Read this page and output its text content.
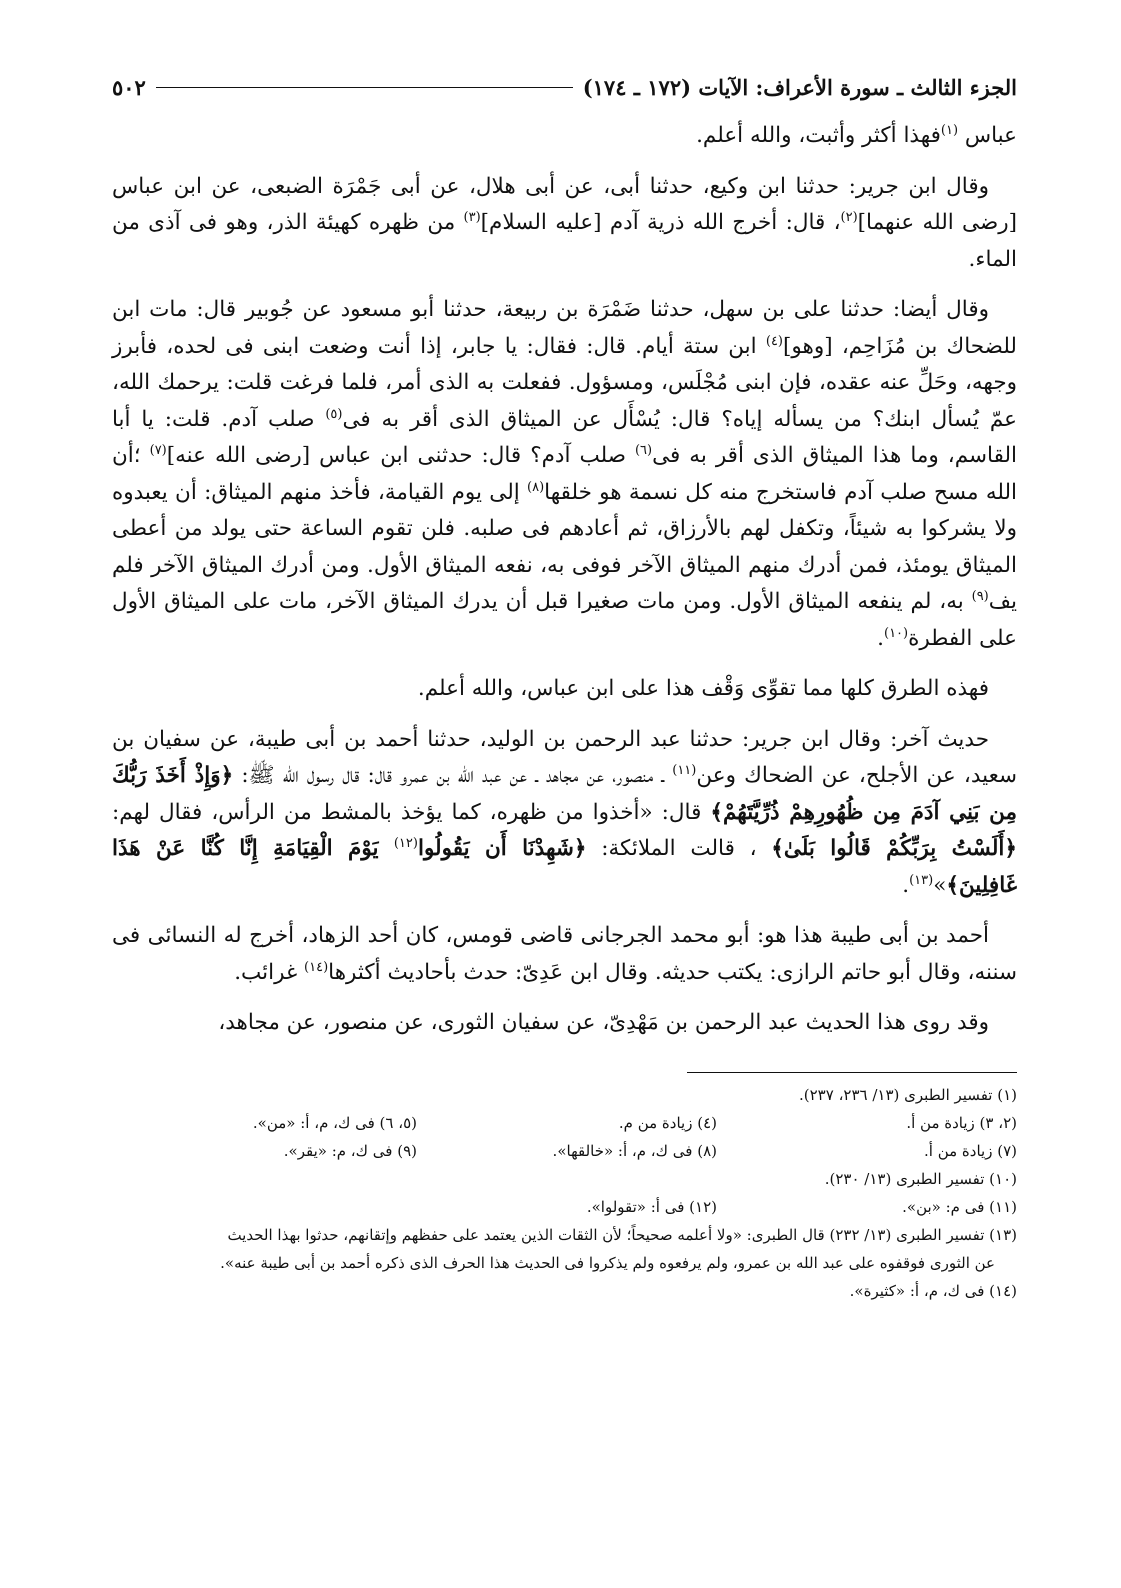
الجزء الثالث ـ سورة الأعراف: الآيات (١٧٢ ـ ١٧٤)
٥٠٢

عباس $^{(١)}$فهذا أكثر وأثبت، والله أعلم.

وقال ابن جرير: حدثنا ابن وكيع، حدثنا أبى، عن أبى هلال، عن أبى جَمْرَة الضبعى، عن ابن عباس [رضى الله عنهما]$^{(٢)}$، قال: أخرج الله ذرية آدم [عليه السلام]$^{(٣)}$ من ظهره كهيئة الذر، وهو فى آذى من الماء.

وقال أيضا: حدثنا على بن سهل، حدثنا ضَمْرَة بن ربيعة، حدثنا أبو مسعود عن جُوبير قال: مات ابن للضحاك بن مُزَاحِم، [وهو]$^{(٤)}$ ابن ستة أيام. قال: فقال: يا جابر، إذا أنت وضعت ابنى فى لحده، فأبرز وجهه، وحَلِّ عنه عقده، فإن ابنى مُجْلَس، ومسؤول. ففعلت به الذى أمر، فلما فرغت قلت: يرحمك الله، عمّ يُسأل ابنك؟ من يسأله إياه؟ قال: يُسْأَل عن الميثاق الذى أقر به فى$^{(٥)}$ صلب آدم. قلت: يا أبا القاسم، وما هذا الميثاق الذى أقر به فى$^{(٦)}$ صلب آدم؟ قال: حدثنى ابن عباس [رضى الله عنه]$^{(٧)}$ ؛أن الله مسح صلب آدم فاستخرج منه كل نسمة هو خلقها$^{(٨)}$ إلى يوم القيامة، فأخذ منهم الميثاق: أن يعبدوه ولا يشركوا به شيئاً، وتكفل لهم بالأرزاق، ثم أعادهم فى صلبه. فلن تقوم الساعة حتى يولد من أعطى الميثاق يومئذ، فمن أدرك منهم الميثاق الآخر فوفى به، نفعه الميثاق الأول. ومن أدرك الميثاق الآخر فلم يف$^{(٩)}$ به، لم ينفعه الميثاق الأول. ومن مات صغيرا قبل أن يدرك الميثاق الآخر، مات على الميثاق الأول على الفطرة$^{(١٠)}$.

فهذه الطرق كلها مما تقوِّى وَقْف هذا على ابن عباس، والله أعلم.

حديث آخر: وقال ابن جرير: حدثنا عبد الرحمن بن الوليد، حدثنا أحمد بن أبى طيبة، عن سفيان بن سعيد، عن الأجلح، عن الضحاك وعن$^{(١١)}$ ـ منصور، عن مجاهد ـ عن عبد الله بن عمرو قال: قال رسول الله ﷺ: ﴿وَإِذْ أَخَذَ رَبُّكَ مِن بَنِي آدَمَ مِن ظُهُورِهِمْ ذُرِّيَّتَهُمْ﴾ قال: «أخذوا من ظهره، كما يؤخذ بالمشط من الرأس، فقال لهم: ﴿أَلَسْتُ بِرَبِّكُمْ قَالُوا بَلَىٰ﴾ ، قالت الملائكة: ﴿شَهِدْنَا أَن يَقُولُوا$^{(١٢)}$ يَوْمَ الْقِيَامَةِ إِنَّا كُنَّا عَنْ هَذَا غَافِلِينَ﴾»$^{(١٣)}$.

أحمد بن أبى طيبة هذا هو: أبو محمد الجرجانى قاضى قومس، كان أحد الزهاد، أخرج له النسائى فى سننه، وقال أبو حاتم الرازى: يكتب حديثه. وقال ابن عَدِىّ: حدث بأحاديث أكثرها$^{(١٤)}$ غرائب.

وقد روى هذا الحديث عبد الرحمن بن مَهْدِىّ، عن سفيان الثورى، عن منصور، عن مجاهد،

(١) تفسير الطبرى (١٣/ ٢٣٦، ٢٣٧).
(٢، ٣) زيادة من أ.
(٤) زيادة من م.
(٥، ٦) فى ك، م، أ: «من».
(٧) زيادة من أ.
(٨) فى ك، م، أ: «خالقها».
(٩) فى ك، م: «يقر».
(١٠) تفسير الطبرى (١٣/ ٢٣٠).
(١١) فى م: «بن».
(١٢) فى أ: «تقولوا».
(١٣) تفسير الطبرى (١٣/ ٢٣٢) قال الطبرى: «ولا أعلمه صحيحاً؛ لأن الثقات الذين يعتمد على حفظهم وإتقانهم، حدثوا بهذا الحديث
عن الثورى فوقفوه على عبد الله بن عمرو، ولم يرفعوه ولم يذكروا فى الحديث هذا الحرف الذى ذكره أحمد بن أبى طيبة عنه».
(١٤) فى ك، م، أ: «كثيرة».
